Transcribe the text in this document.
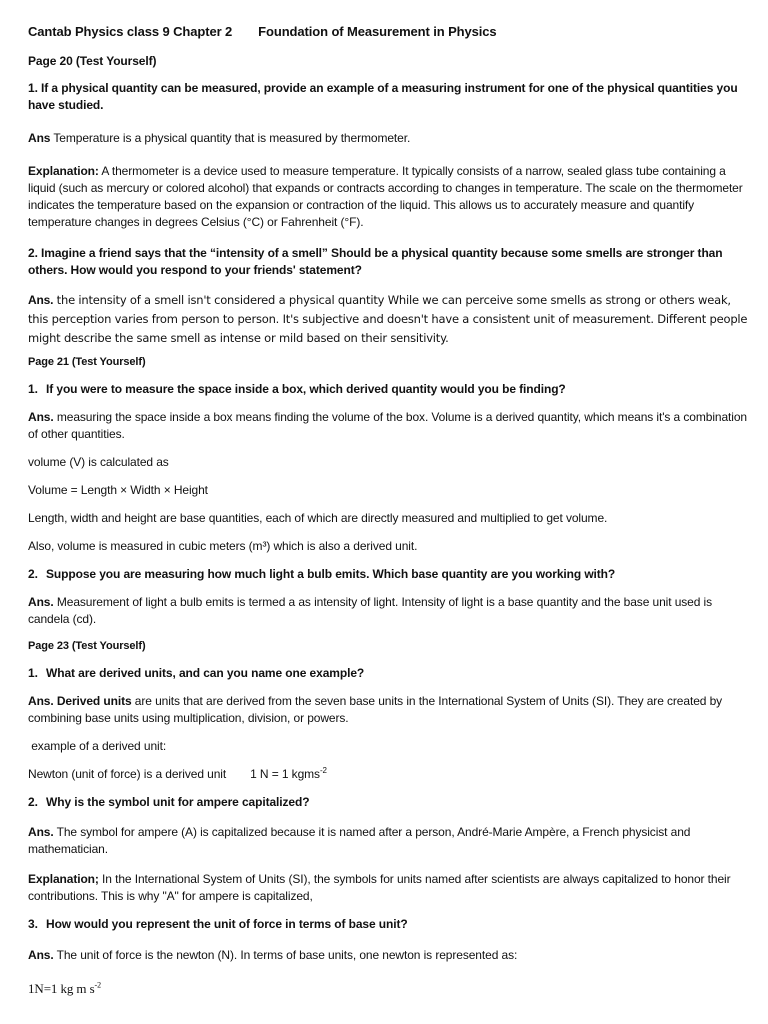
Cantab Physics class 9 Chapter 2 Foundation of Measurement in Physics

Page 20 (Test Yourself)

1. If a physical quantity can be measured, provide an example of a measuring instrument for one of the physical quantities you have studied.

Ans Temperature is a physical quantity that is measured by thermometer.

Explanation: A thermometer is a device used to measure temperature. It typically consists of a narrow, sealed glass tube containing a liquid (such as mercury or colored alcohol) that expands or contracts according to changes in temperature. The scale on the thermometer indicates the temperature based on the expansion or contraction of the liquid. This allows us to accurately measure and quantify temperature changes in degrees Celsius (°C) or Fahrenheit (°F).

2. Imagine a friend says that the “intensity of a smell” Should be a physical quantity because some smells are stronger than others. How would you respond to your friends' statement?

Ans. the intensity of a smell isn't considered a physical quantity While we can perceive some smells as strong or others weak, this perception varies from person to person. It's subjective and doesn't have a consistent unit of measurement. Different people might describe the same smell as intense or mild based on their sensitivity.

Page 21 (Test Yourself)

1. If you were to measure the space inside a box, which derived quantity would you be finding?

Ans. measuring the space inside a box means finding the volume of the box. Volume is a derived quantity, which means it's a combination of other quantities.

volume (V) is calculated as

Volume = Length × Width × Height

Length, width and height are base quantities, each of which are directly measured and multiplied to get volume.

Also, volume is measured in cubic meters (m³) which is also a derived unit.

2. Suppose you are measuring how much light a bulb emits. Which base quantity are you working with?

Ans. Measurement of light a bulb emits is termed a as intensity of light. Intensity of light is a base quantity and the base unit used is candela (cd).

Page 23 (Test Yourself)

1. What are derived units, and can you name one example?

Ans. Derived units are units that are derived from the seven base units in the International System of Units (SI). They are created by combining base units using multiplication, division, or powers.

example of a derived unit:

Newton (unit of force) is a derived unit 1 N = 1 kgms$^{-2}$

2. Why is the symbol unit for ampere capitalized?

Ans. The symbol for ampere (A) is capitalized because it is named after a person, André-Marie Ampère, a French physicist and mathematician.

Explanation; In the International System of Units (SI), the symbols for units named after scientists are always capitalized to honor their contributions. This is why "A" for ampere is capitalized,

3. How would you represent the unit of force in terms of base unit?

Ans. The unit of force is the newton (N). In terms of base units, one newton is represented as:

1N=1 kg m $s^{-2}$
